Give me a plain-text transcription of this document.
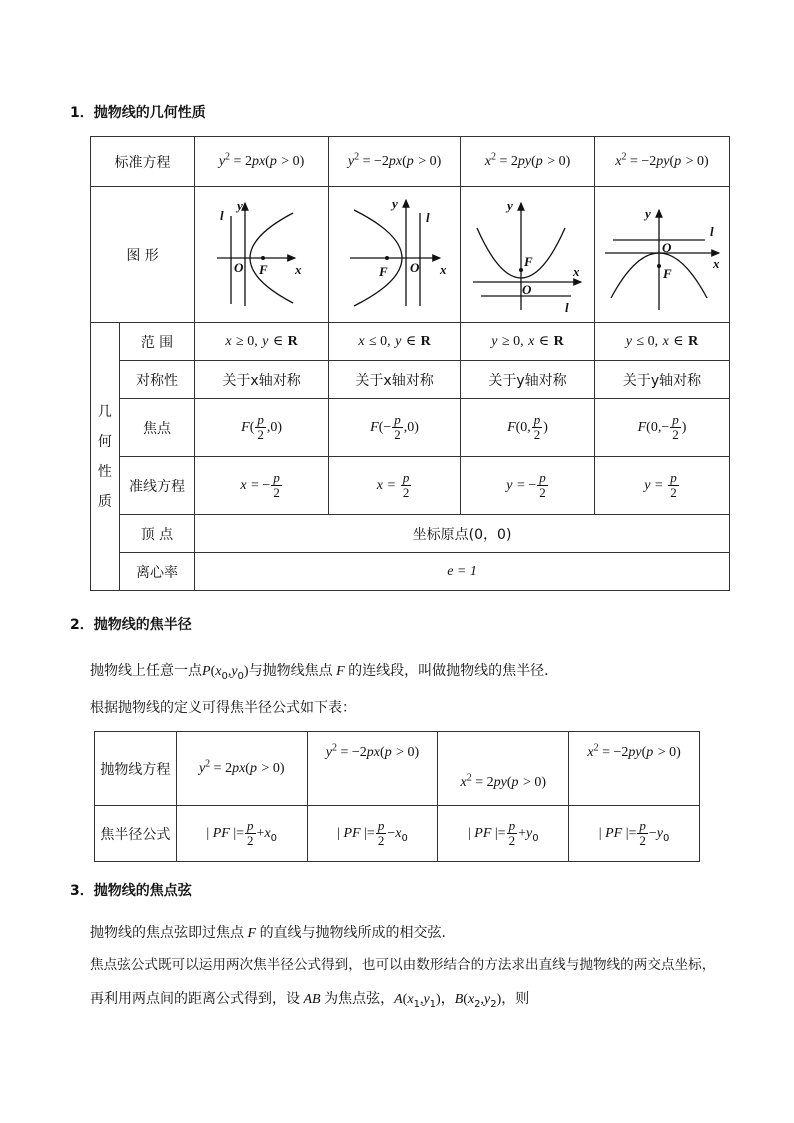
1．抛物线的几何性质
标准方程		$y^2 = 2px(p > 0)$	$y^2 = -2px(p > 0)$	$x^2 = 2py(p > 0)$	$x^2 = -2py(p > 0)$
图 形		l
y
O F x	y
l
F O x	y
F
x
O
l	y
l
O
F
x

几
何
性
质	范 围	x ≥ 0, y ∈ R	x ≤ 0, y ∈ R	y ≥ 0, x ∈ R	y ≤ 0, x ∈ R
	对称性	关于x轴对称	关于x轴对称	关于y轴对称	关于y轴对称
	焦点	$F( \frac{p}{2} ,0)$	$F(- \frac{p}{2} ,0)$	F(0, $\frac{p}{2}$ )	$F(0,- \frac{p}{2}$ )
	准线方程	x = − $\frac{p}{2}$	$x = \frac{p}{2}$	y = − $\frac{p}{2}$	$y = \frac{p}{2}$

	顶 点	坐标原点(0，0)			
	离心率	e = 1			
2．抛物线的焦半径
抛物线上任意一点$P(x_0,y_0)$与抛物线焦点 F 的连线段，叫做抛物线的焦半径．
根据抛物线的定义可得焦半径公式如下表：
抛物线方程	$y^2 = 2px(p > 0)$	$y^2 = -2px(p > 0)$	$x^2 = 2py(p > 0)$	$x^2 = -2py(p > 0)$
焦半径公式	| PF |= $\frac{p}{2} +x_0$	| PF |= $\frac{p}{2} -x_0$	| PF |= $\frac{p}{2} +y_0$	| PF |= $\frac{p}{2} -y_0$
3．抛物线的焦点弦
抛物线的焦点弦即过焦点 F 的直线与抛物线所成的相交弦．
焦点弦公式既可以运用两次焦半径公式得到，也可以由数形结合的方法求出直线与抛物线的两交点坐标，
再利用两点间的距离公式得到，设 AB 为焦点弦，$A(x_1,y_1)$，$B(x_2,y_2)$，则
